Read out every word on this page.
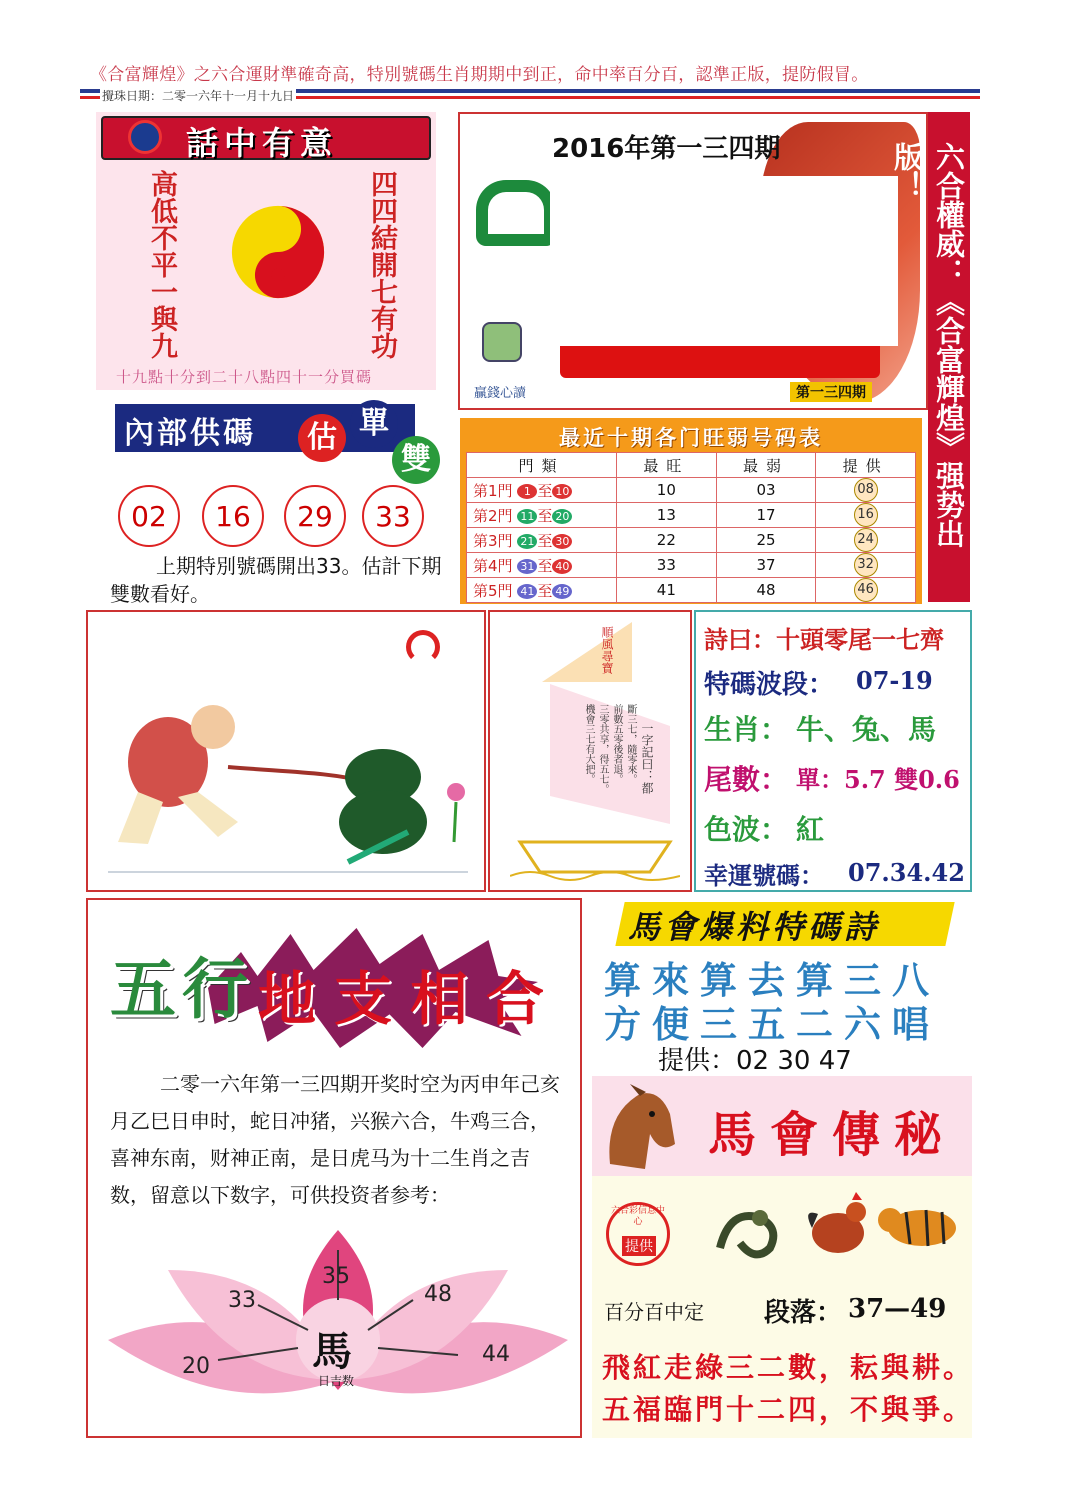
《合富輝煌》之六合運財準確奇高，特別號碼生肖期期中到正，命中率百分百，認準正版，提防假冒。
攪珠日期：二零一六年十一月十九日
話中有意
高低不平一與九	四四結開七有功
十九點十分到二十八點四十一分買碼
2016年第一三四期
贏錢心讀	第一三四期 六合權威：《合富輝煌》强势出版！
內部供碼	估 單
雙
02	16	29	33
上期特別號碼開出33。估計下期雙數看好。
最近十期各门旺弱号码表
門類	最旺	最弱	提供
第1門 1 至 10	10	03	08
第2門 11 至 20	13	17	16
第3門 21 至 30	22	25	24
第4門 31 至 40	33	37	32
第5門 41 至 49	41	48	46
順風尋寶
一字記曰：都
斷三七，隨零來。
前數五零後者退。
三零共享，得五七。
機會三七有大把。
詩曰：十頭零尾一七齊
特碼波段： 07-19
生肖： 牛、兔、馬
尾數： 單：5.7 雙0.6
色波： 紅
幸運號碼： 07.34.42
五行 地支相合
二零一六年第一三四期开奖时空为丙申年己亥月乙巳日申时，蛇日冲猪，兴猴六合，牛鸡三合，喜神东南，财神正南，是日虎马为十二生肖之吉数，留意以下数字，可供投资者参考：
馬
日吉数
35
33	48
20	44
馬會爆料特碼詩
算來算去算三八
方便三五二六唱
提供：02 30 47
馬會傳秘
六合彩信息中心
提供
百分百中定 段落： 37—49
飛紅走綠三二數，耘與耕。
五福臨門十二四，不與爭。
